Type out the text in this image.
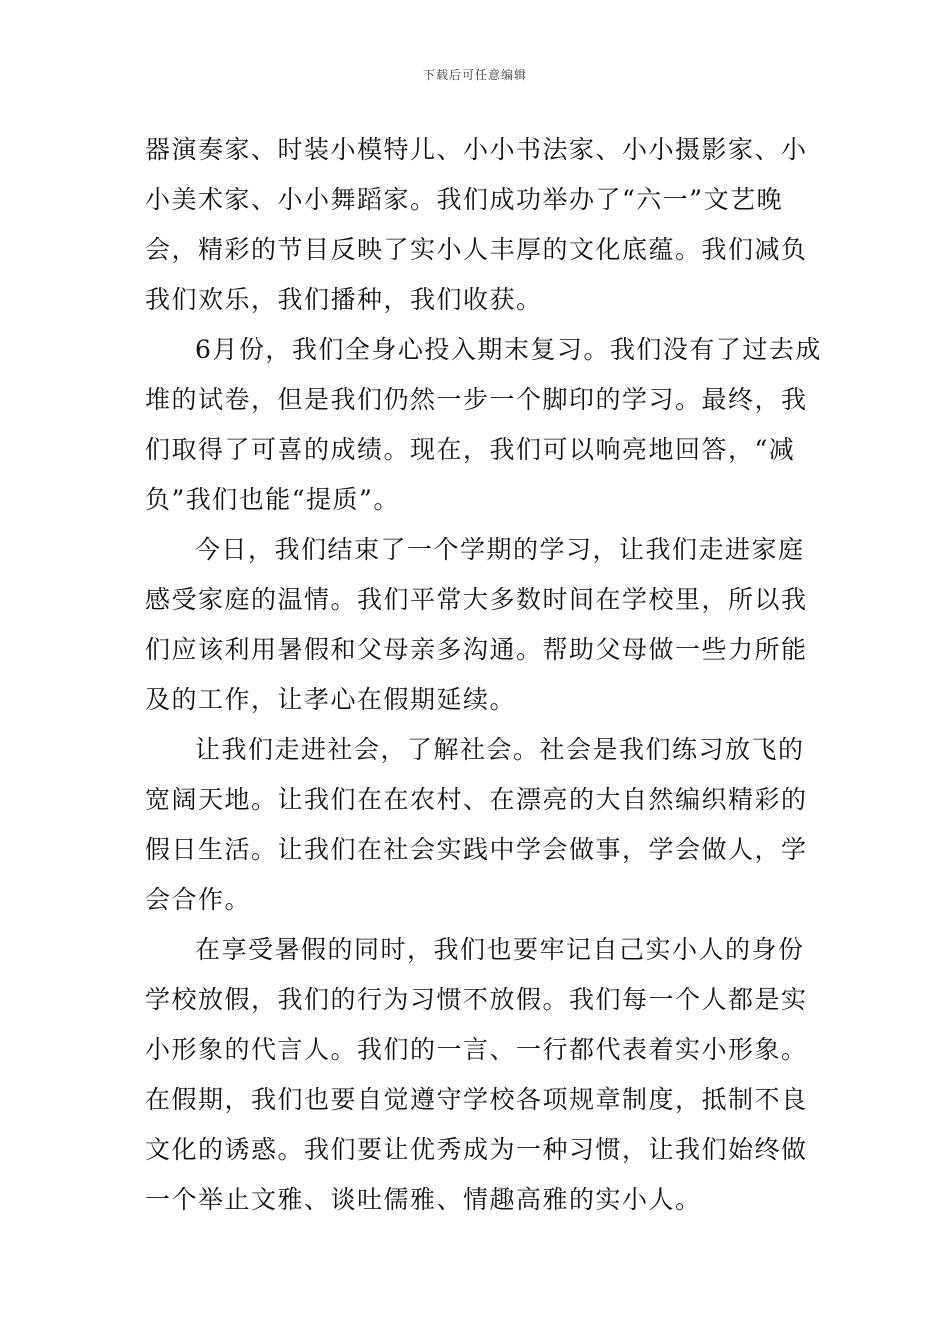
下载后可任意编辑
器演奏家、时装小模特儿、小小书法家、小小摄影家、小
小美术家、小小舞蹈家。我们成功举办了“六一”文艺晚
会，精彩的节目反映了实小人丰厚的文化底蕴。我们减负
我们欢乐，我们播种，我们收获。
6月份，我们全身心投入期末复习。我们没有了过去成
堆的试卷，但是我们仍然一步一个脚印的学习。最终，我
们取得了可喜的成绩。现在，我们可以响亮地回答，“减
负”我们也能“提质”。
今日，我们结束了一个学期的学习，让我们走进家庭
感受家庭的温情。我们平常大多数时间在学校里，所以我
们应该利用暑假和父母亲多沟通。帮助父母做一些力所能
及的工作，让孝心在假期延续。
让我们走进社会，了解社会。社会是我们练习放飞的
宽阔天地。让我们在在农村、在漂亮的大自然编织精彩的
假日生活。让我们在社会实践中学会做事，学会做人，学
会合作。
在享受暑假的同时，我们也要牢记自己实小人的身份
学校放假，我们的行为习惯不放假。我们每一个人都是实
小形象的代言人。我们的一言、一行都代表着实小形象。
在假期，我们也要自觉遵守学校各项规章制度，抵制不良
文化的诱惑。我们要让优秀成为一种习惯，让我们始终做
一个举止文雅、谈吐儒雅、情趣高雅的实小人。
